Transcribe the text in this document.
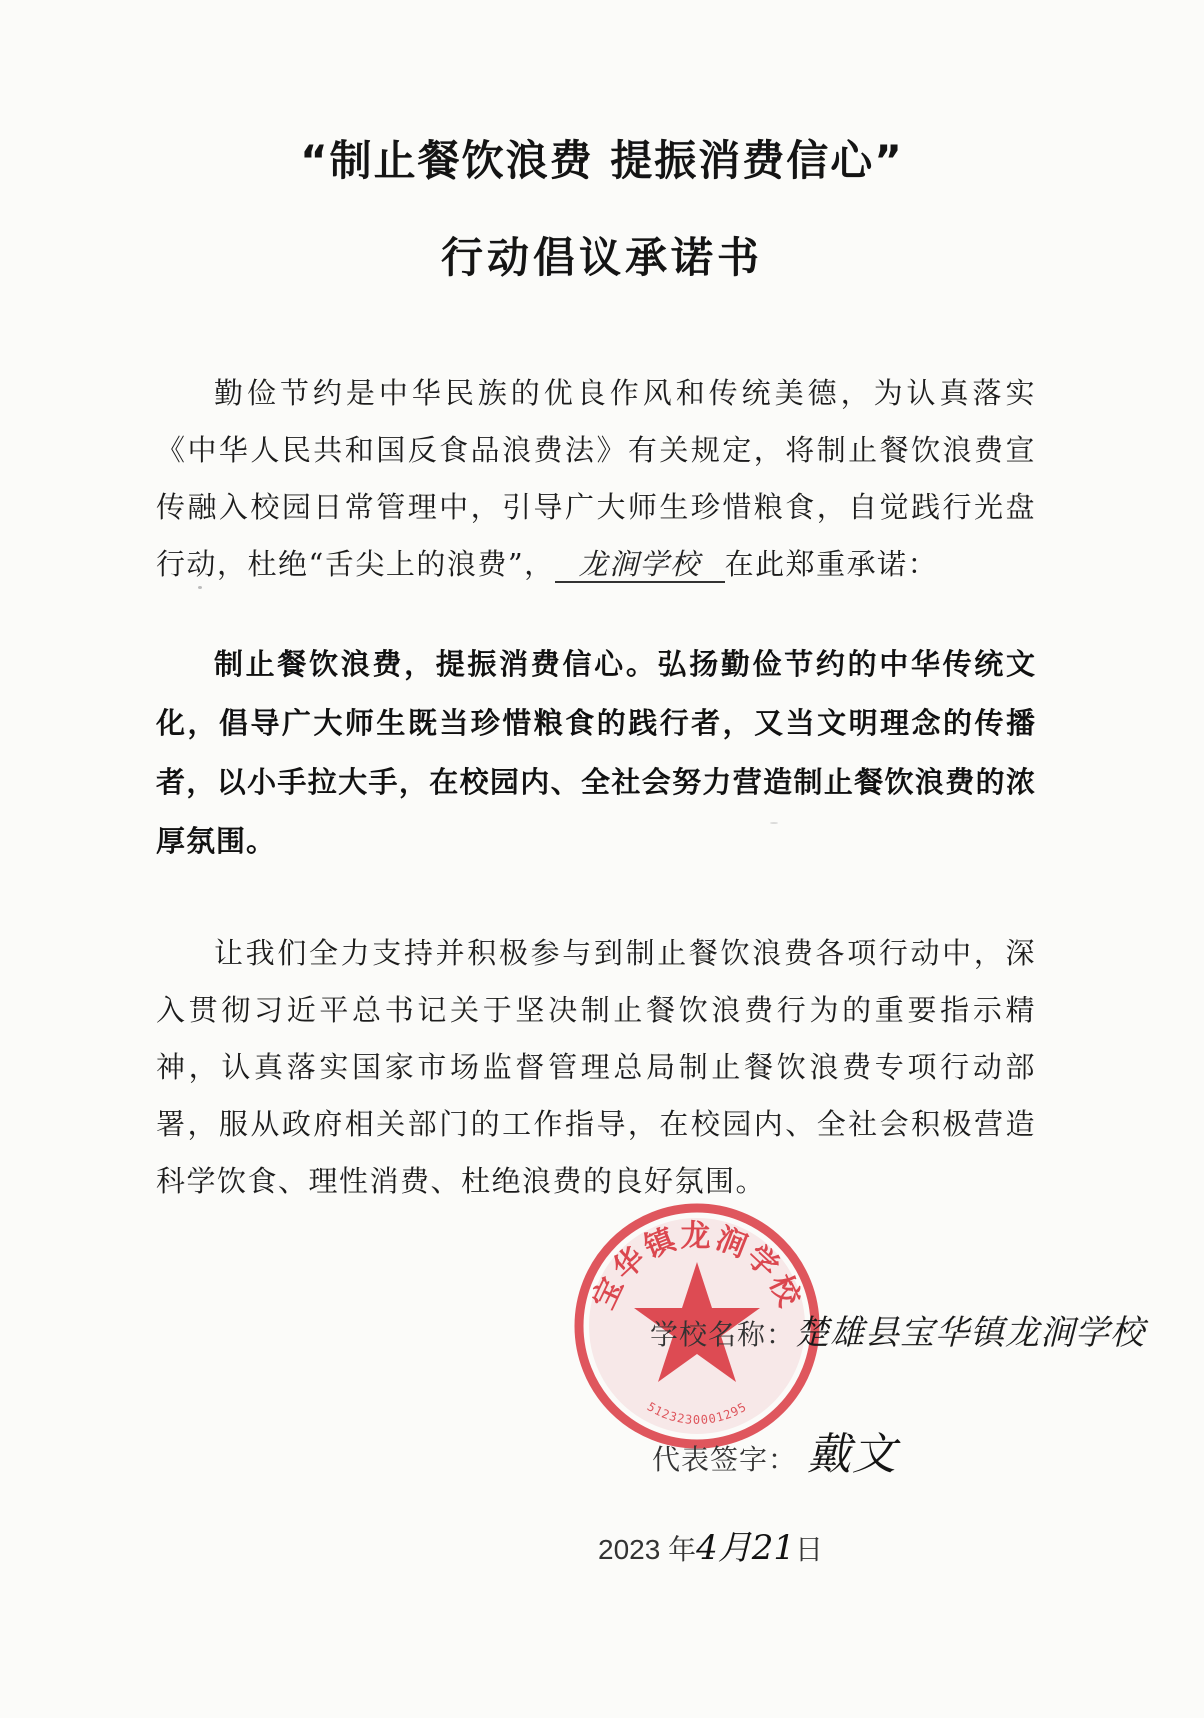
“制止餐饮浪费 提振消费信心”
行动倡议承诺书

勤俭节约是中华民族的优良作风和传统美德，为认真落实《中华人民共和国反食品浪费法》有关规定，将制止餐饮浪费宣传融入校园日常管理中，引导广大师生珍惜粮食，自觉践行光盘行动，杜绝“舌尖上的浪费”， 龙涧学校 在此郑重承诺：

制止餐饮浪费，提振消费信心。弘扬勤俭节约的中华传统文化，倡导广大师生既当珍惜粮食的践行者，又当文明理念的传播者，以小手拉大手，在校园内、全社会努力营造制止餐饮浪费的浓厚氛围。

让我们全力支持并积极参与到制止餐饮浪费各项行动中，深入贯彻习近平总书记关于坚决制止餐饮浪费行为的重要指示精神，认真落实国家市场监督管理总局制止餐饮浪费专项行动部署，服从政府相关部门的工作指导，在校园内、全社会积极营造科学饮食、理性消费、杜绝浪费的良好氛围。

宝华镇龙涧学校
5123230001295
学校名称：楚雄县宝华镇龙涧学校
代表签字： 戴文
2023 年4月21日
